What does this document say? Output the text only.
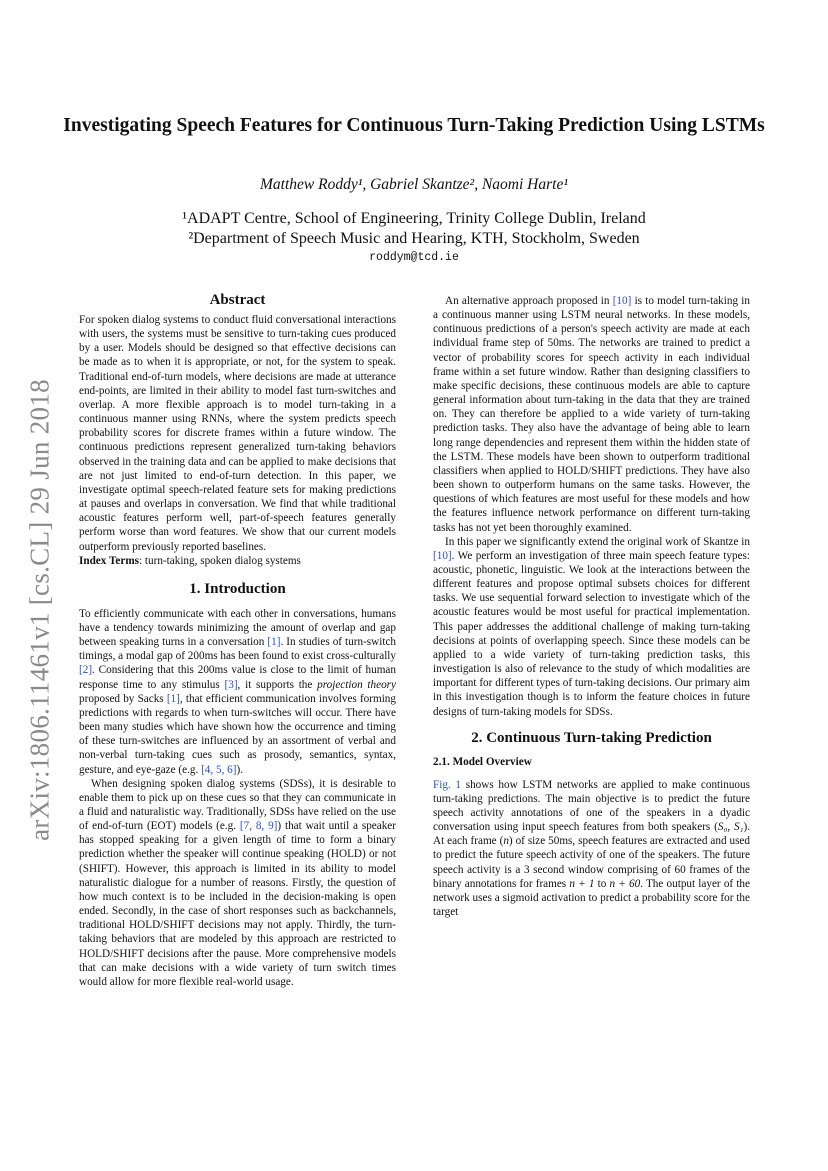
arXiv:1806.11461v1 [cs.CL] 29 Jun 2018
Investigating Speech Features for Continuous Turn-Taking Prediction Using LSTMs

Matthew Roddy¹, Gabriel Skantze², Naomi Harte¹

¹ADAPT Centre, School of Engineering, Trinity College Dublin, Ireland

²Department of Speech Music and Hearing, KTH, Stockholm, Sweden

roddym@tcd.ie

Abstract

For spoken dialog systems to conduct fluid conversational interactions with users, the systems must be sensitive to turn-taking cues produced by a user. Models should be designed so that effective decisions can be made as to when it is appropriate, or not, for the system to speak. Traditional end-of-turn models, where decisions are made at utterance end-points, are limited in their ability to model fast turn-switches and overlap. A more flexible approach is to model turn-taking in a continuous manner using RNNs, where the system predicts speech probability scores for discrete frames within a future window. The continuous predictions represent generalized turn-taking behaviors observed in the training data and can be applied to make decisions that are not just limited to end-of-turn detection. In this paper, we investigate optimal speech-related feature sets for making predictions at pauses and overlaps in conversation. We find that while traditional acoustic features perform well, part-of-speech features generally perform worse than word features. We show that our current models outperform previously reported baselines.

Index Terms: turn-taking, spoken dialog systems

1. Introduction

To efficiently communicate with each other in conversations, humans have a tendency towards minimizing the amount of overlap and gap between speaking turns in a conversation [1]. In studies of turn-switch timings, a modal gap of 200ms has been found to exist cross-culturally [2]. Considering that this 200ms value is close to the limit of human response time to any stimulus [3], it supports the projection theory proposed by Sacks [1], that efficient communication involves forming predictions with regards to when turn-switches will occur. There have been many studies which have shown how the occurrence and timing of these turn-switches are influenced by an assortment of verbal and non-verbal turn-taking cues such as prosody, semantics, syntax, gesture, and eye-gaze (e.g. [4, 5, 6]).

When designing spoken dialog systems (SDSs), it is desirable to enable them to pick up on these cues so that they can communicate in a fluid and naturalistic way. Traditionally, SDSs have relied on the use of end-of-turn (EOT) models (e.g. [7, 8, 9]) that wait until a speaker has stopped speaking for a given length of time to form a binary prediction whether the speaker will continue speaking (HOLD) or not (SHIFT). However, this approach is limited in its ability to model naturalistic dialogue for a number of reasons. Firstly, the question of how much context is to be included in the decision-making is open ended. Secondly, in the case of short responses such as backchannels, traditional HOLD/SHIFT decisions may not apply. Thirdly, the turn-taking behaviors that are modeled by this approach are restricted to HOLD/SHIFT decisions after the pause. More comprehensive models that can make decisions with a wide variety of turn switch times would allow for more flexible real-world usage.

An alternative approach proposed in [10] is to model turn-taking in a continuous manner using LSTM neural networks. In these models, continuous predictions of a person's speech activity are made at each individual frame step of 50ms. The networks are trained to predict a vector of probability scores for speech activity in each individual frame within a set future window. Rather than designing classifiers to make specific decisions, these continuous models are able to capture general information about turn-taking in the data that they are trained on. They can therefore be applied to a wide variety of turn-taking prediction tasks. They also have the advantage of being able to learn long range dependencies and represent them within the hidden state of the LSTM. These models have been shown to outperform traditional classifiers when applied to HOLD/SHIFT predictions. They have also been shown to outperform humans on the same tasks. However, the questions of which features are most useful for these models and how the features influence network performance on different turn-taking tasks has not yet been thoroughly examined.

In this paper we significantly extend the original work of Skantze in [10]. We perform an investigation of three main speech feature types: acoustic, phonetic, linguistic. We look at the interactions between the different features and propose optimal subsets choices for different tasks. We use sequential forward selection to investigate which of the acoustic features would be most useful for practical implementation. This paper addresses the additional challenge of making turn-taking decisions at points of overlapping speech. Since these models can be applied to a wide variety of turn-taking prediction tasks, this investigation is also of relevance to the study of which modalities are important for different types of turn-taking decisions. Our primary aim in this investigation though is to inform the feature choices in future designs of turn-taking models for SDSs.

2. Continuous Turn-taking Prediction
2.1. Model Overview

Fig. 1 shows how LSTM networks are applied to make continuous turn-taking predictions. The main objective is to predict the future speech activity annotations of one of the speakers in a dyadic conversation using input speech features from both speakers (S₀, S₁). At each frame (n) of size 50ms, speech features are extracted and used to predict the future speech activity of one of the speakers. The future speech activity is a 3 second window comprising of 60 frames of the binary annotations for frames n + 1 to n + 60. The output layer of the network uses a sigmoid activation to predict a probability score for the target
